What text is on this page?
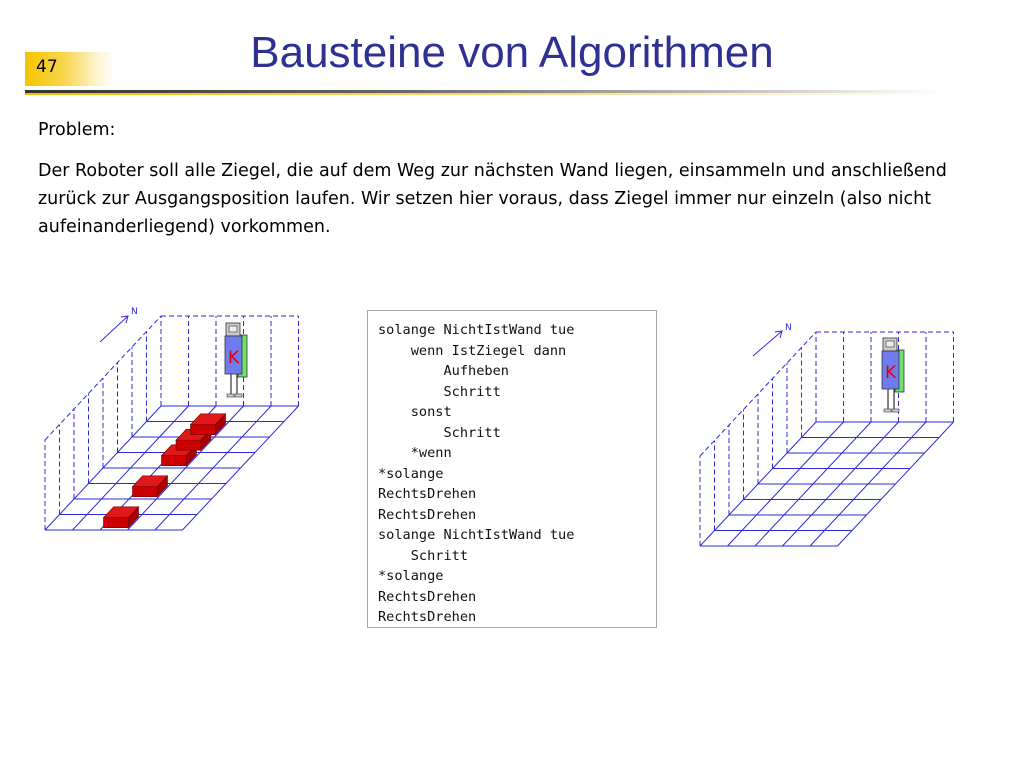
47	Bausteine von Algorithmen
Problem:
Der Roboter soll alle Ziegel, die auf dem Weg zur nächsten Wand liegen, einsammeln und anschließend zurück zur Ausgangsposition laufen. Wir setzen hier voraus, dass Ziegel immer nur einzeln (also nicht aufeinanderliegend) vorkommen.
N
K
solange NichtIstWand tue
wenn IstZiegel dann
Aufheben
Schritt
sonst
Schritt
*wenn
*solange
RechtsDrehen
RechtsDrehen
solange NichtIstWand tue
Schritt
*solange
RechtsDrehen
RechtsDrehen
N
K
